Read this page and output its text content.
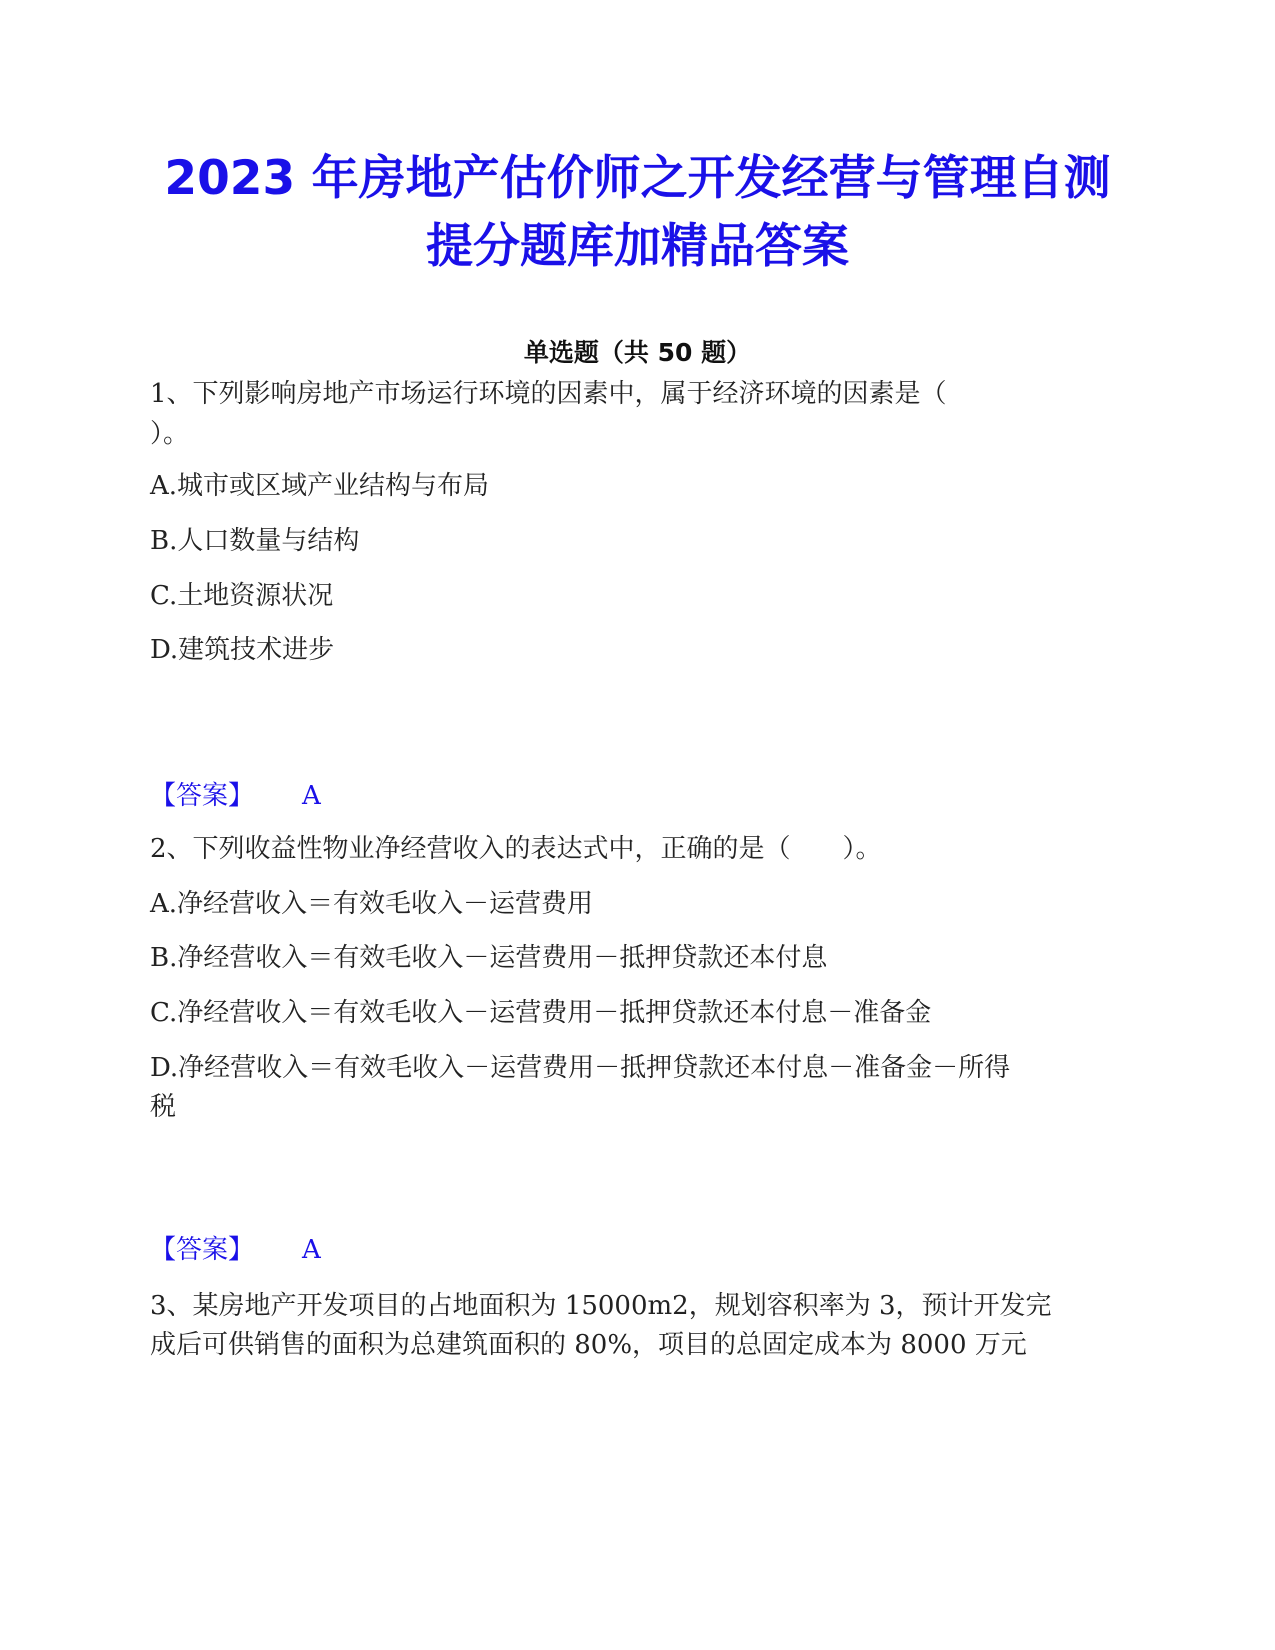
2023 年房地产估价师之开发经营与管理自测
提分题库加精品答案
单选题（共 50 题）
1、下列影响房地产市场运行环境的因素中，属于经济环境的因素是（
）。
A.城市或区域产业结构与布局
B.人口数量与结构
C.土地资源状况
D.建筑技术进步
【答案】 A
2、下列收益性物业净经营收入的表达式中，正确的是（　　）。
A.净经营收入＝有效毛收入－运营费用
B.净经营收入＝有效毛收入－运营费用－抵押贷款还本付息
C.净经营收入＝有效毛收入－运营费用－抵押贷款还本付息－准备金
D.净经营收入＝有效毛收入－运营费用－抵押贷款还本付息－准备金－所得
税
【答案】 A
3、某房地产开发项目的占地面积为 15000m2，规划容积率为 3，预计开发完
成后可供销售的面积为总建筑面积的 80%，项目的总固定成本为 8000 万元
